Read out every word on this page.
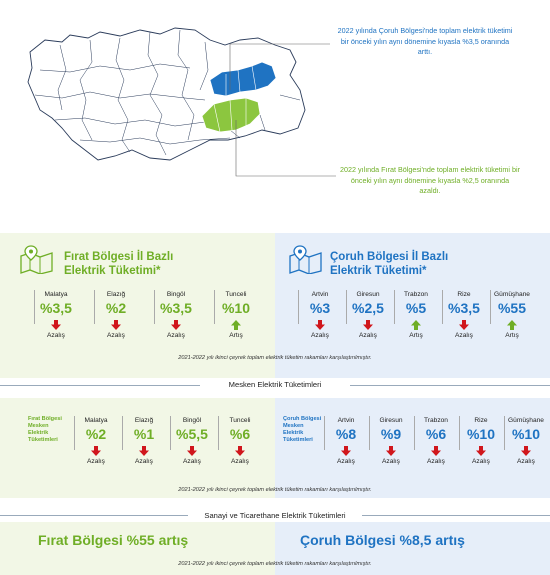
2022 yılında Çoruh Bölgesi'nde toplam elektrik tüketimi bir önceki yılın aynı dönemine kıyasla %3,5 oranında arttı.
2022 yılında Fırat Bölgesi'nde toplam elektrik tüketimi bir önceki yılın aynı dönemine kıyasla %2,5 oranında azaldı.
Fırat Bölgesi İl Bazlı Elektrik Tüketimi*
Çoruh Bölgesi İl Bazlı Elektrik Tüketimi*
Malatya
%3,5
Azalış
Elazığ
%2
Azalış
Bingöl
%3,5
Azalış
Tunceli
%10
Artış
Artvin
%3
Azalış
Giresun
%2,5
Azalış
Trabzon
%5
Artış
Rize
%3,5
Azalış
Gümüşhane
%55
Artış
2021-2022 yılı ikinci çeyrek toplam elektrik tüketim rakamları karşılaştırılmıştır.
Mesken Elektrik Tüketimleri
Fırat Bölgesi Mesken Elektrik Tüketimleri
Çoruh Bölgesi Mesken Elektrik Tüketimleri
Malatya
%2
Azalış
Elazığ
%1
Azalış
Bingöl
%5,5
Azalış
Tunceli
%6
Azalış
Artvin
%8
Azalış
Giresun
%9
Azalış
Trabzon
%6
Azalış
Rize
%10
Azalış
Gümüşhane
%10
Azalış
2021-2022 yılı ikinci çeyrek toplam elektrik tüketim rakamları karşılaştırılmıştır.
Sanayi ve Ticarethane Elektrik Tüketimleri
Fırat Bölgesi %55 artış	Çoruh Bölgesi %8,5 artış
2021-2022 yılı ikinci çeyrek toplam elektrik tüketim rakamları karşılaştırılmıştır.
